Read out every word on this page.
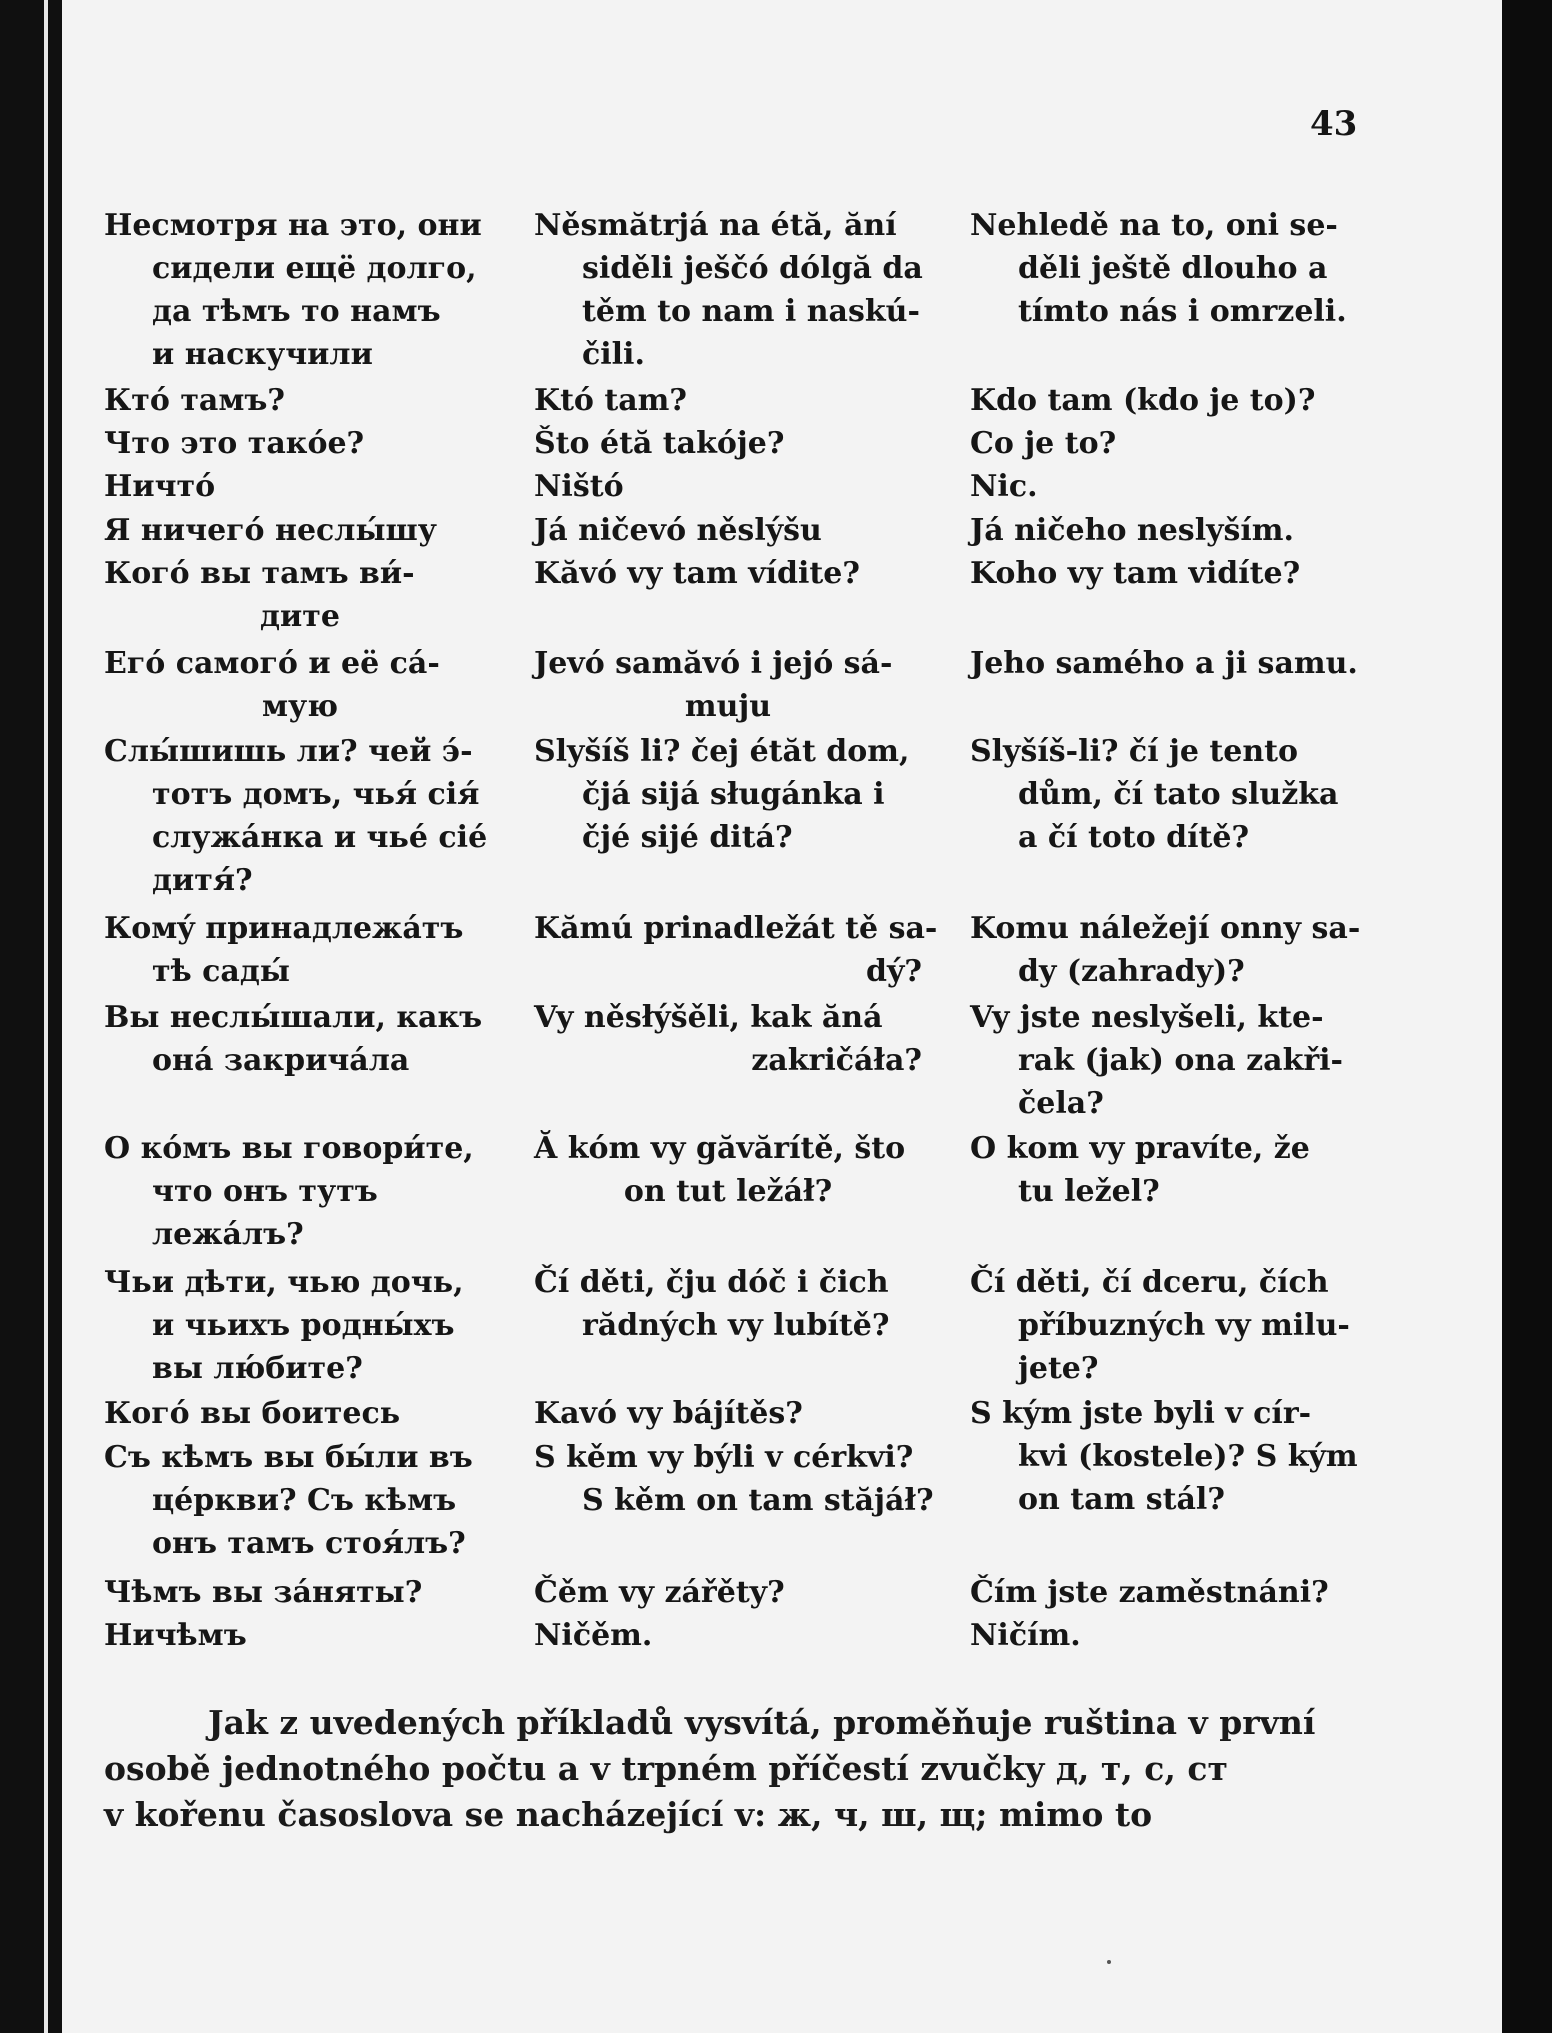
43
Несмотря на это, они
сидели ещё долго,
да тѣмъ то намъ
и наскучили
Ктó тамъ?
Что это такóе?
Ничтó
Я ничегó неслы́шу
Когó вы тамъ ви́-
дите
Егó самогó и её сá-
мую
Слы́шишь ли? чей э́-
тотъ домъ, чья́ сiя́
служáнка и чьé сié
дитя́?
Комý принадлежáтъ
тѣ сады́
Вы неслы́шали, какъ
она́ закричáла
О кóмъ вы говори́те,
что онъ тутъ
лежáлъ?
Чьи дѣти, чью дочь,
и чьихъ родны́хъ
вы лю́бите?
Когó вы боитесь
Съ кѣмъ вы бы́ли въ
цéркви? Съ кѣмъ
онъ тамъ стоя́лъ?
Чѣмъ вы зáняты?
Ничѣмъ
Něsmătrjá na étă, ăní
siděli ješčó dólgă da
těm to nam i naskú-
čili.
Któ tam?
Što étă takóje?
Ništó
Já ničevó něslýšu
Kăvó vy tam vídite?
Jevó samăvó i jejó sá-
muju
Slyšíš li? čej étăt dom,
čjá sijá sługánka i
čjé sijé ditá?
Kămú prinadležát tě sa-
dý?
Vy něsłýšěli, kak ăná
zakričáła?
Ă kóm vy găvărítě, što
on tut ležáł?
Čí děti, čju dóč i čich
rădných vy lubítě?
Kavó vy bájítěs?
S kěm vy býli v cérkvi?
S kěm on tam stăjáł?
Čěm vy zářěty?
Ničěm.
Nehledě na to, oni se-
děli ještě dlouho a
tímto nás i omrzeli.
Kdo tam (kdo je to)?
Co je to?
Nic.
Já ničeho neslyším.
Koho vy tam vidíte?
Jeho samého a ji samu.
Slyšíš-li? čí je tento
dům, čí tato služka
a čí toto dítě?
Komu náležejí onny sa-
dy (zahrady)?
Vy jste neslyšeli, kte-
rak (jak) ona zakři-
čela?
O kom vy pravíte, že
tu ležel?
Čí děti, čí dceru, čích
příbuzných vy milu-
jete?
S kým jste byli v cír-
kvi (kostele)? S kým
on tam stál?
Čím jste zaměstnáni?
Ničím.
Jak z uvedených příkladů vysvítá, proměňuje ruština v první
osobě jednotného počtu a v trpném příčestí zvučky д, т, с, ст
v kořenu časoslova se nacházející v: ж, ч, ш, щ; mimo to
